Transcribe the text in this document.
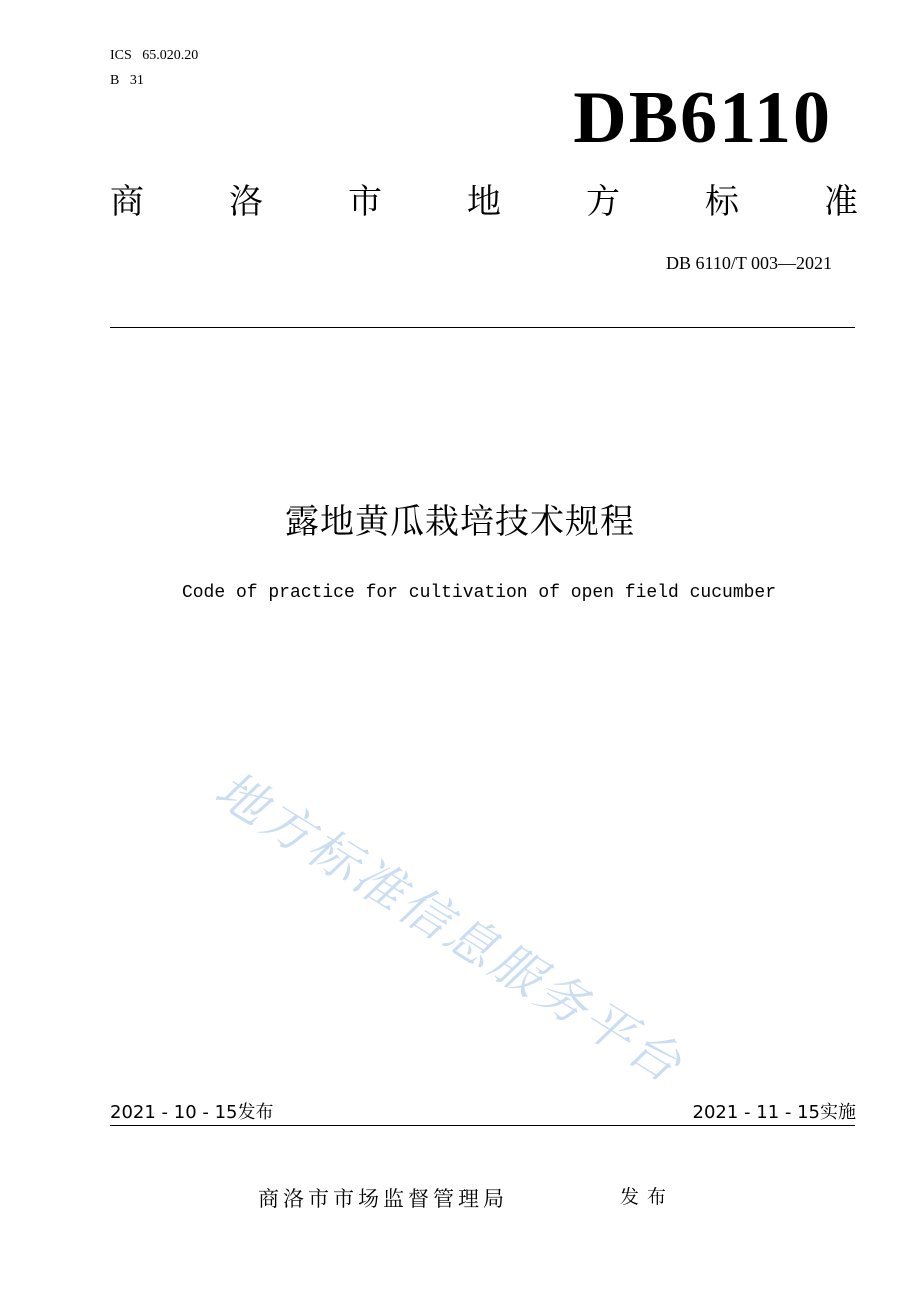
ICS   65.020.20
B   31	DB6110
商	洛	市	地	方	标	准
DB 6110/T 003—2021
露地黄瓜栽培技术规程
Code of practice for cultivation of open field cucumber
地方标准信息服务平台
2021 - 10 - 15发布	2021 - 11 - 15实施
商洛市市场监督管理局	发布
